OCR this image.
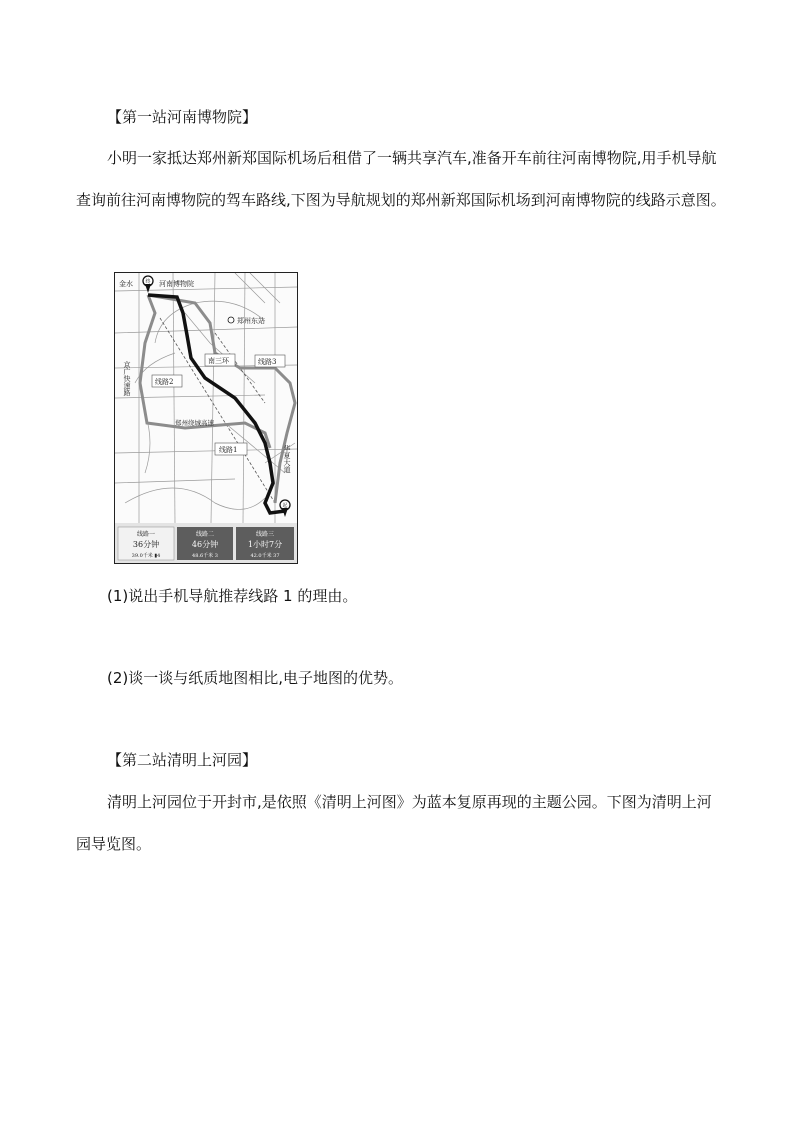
【第一站河南博物院】

小明一家抵达郑州新郑国际机场后租借了一辆共享汽车,准备开车前往河南博物院,用手机导航查询前往河南博物院的驾车路线,下图为导航规划的郑州新郑国际机场到河南博物院的线路示意图。

终
起
金水	河南博物院
郑州东站
南三环	线路3
线路2
线路1
京广快速路
郑州绕城高速
华夏大道
线路一
36分钟
39.0千米 ▮4
线路二
46分钟
48.6千米 3
线路三
1小时7分
42.0千米 37

(1)说出手机导航推荐线路 1 的理由。

(2)谈一谈与纸质地图相比,电子地图的优势。

【第二站清明上河园】

清明上河园位于开封市,是依照《清明上河图》为蓝本复原再现的主题公园。下图为清明上河园导览图。
